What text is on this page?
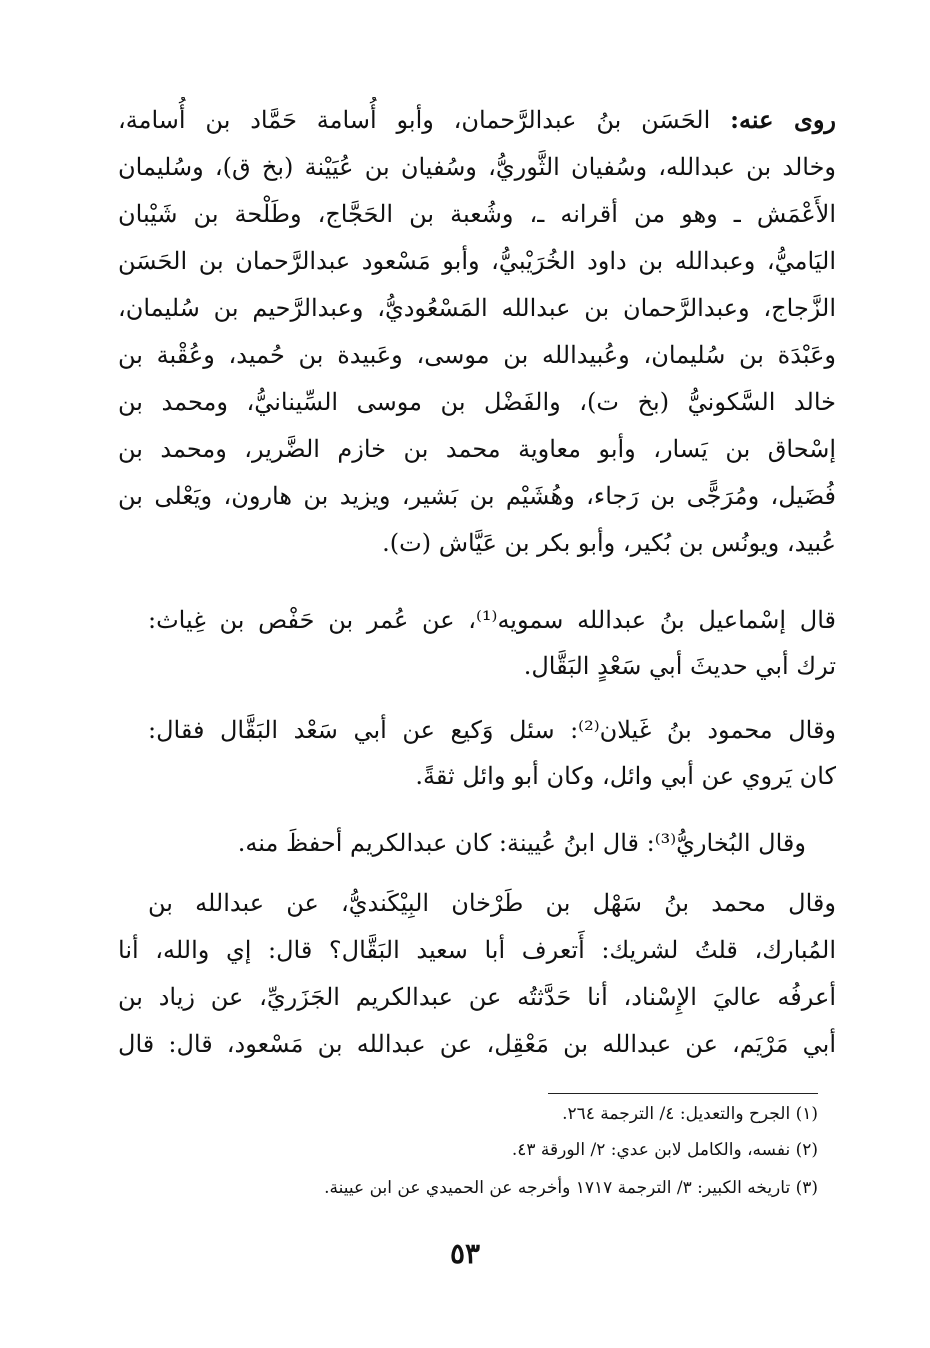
روى عنه: الحَسَن بنُ عبدالرَّحمان، وأبو أُسامة حَمَّاد بن أُسامة،
وخالد بن عبدالله، وسُفيان الثَّوريُّ، وسُفيان بن عُيَيْنة (بخ ق)، وسُليمان
الأَعْمَش ـ وهو من أقرانه ـ، وشُعبة بن الحَجَّاج، وطَلْحة بن شَيْبان
اليَاميُّ، وعبدالله بن داود الخُرَيْبيُّ، وأبو مَسْعود عبدالرَّحمان بن الحَسَن
الزَّجاج، وعبدالرَّحمان بن عبدالله المَسْعُوديُّ، وعبدالرَّحيم بن سُليمان،
وعَبْدَة بن سُليمان، وعُبيدالله بن موسى، وعَبيدة بن حُميد، وعُقْبة بن
خالد السَّكونيُّ (بخ ت)، والفَضْل بن موسى السِّينانيُّ، ومحمد بن
إسْحاق بن يَسار، وأبو معاوية محمد بن خازم الضَّرير، ومحمد بن
فُضَيل، ومُرَجًّى بن رَجاء، وهُشَيْم بن بَشير، ويزيد بن هارون، ويَعْلى بن
عُبيد، ويونُس بن بُكير، وأبو بكر بن عَيَّاش (ت).
قال إسْماعيل بنُ عبدالله سمويه⁽¹⁾، عن عُمر بن حَفْص بن غِياث:
ترك أبي حديثَ أبي سَعْدٍ البَقَّال.
وقال محمود بنُ غَيلان⁽²⁾: سئل وَكيع عن أبي سَعْد البَقَّال فقال:
كان يَروي عن أبي وائل، وكان أبو وائل ثقةً.
وقال البُخاريُّ⁽³⁾: قال ابنُ عُيينة: كان عبدالكريم أحفظَ منه.
وقال محمد بنُ سَهْل بن طَرْخان البِيْكَنديُّ، عن عبدالله بن
المُبارك، قلتُ لشريك: أَتعرف أبا سعيد البَقَّال؟ قال: إي والله، أنا
أعرفُه عاليَ الإِسْناد، أنا حَدَّثتُه عن عبدالكريم الجَزَريِّ، عن زياد بن
أبي مَرْيَم، عن عبدالله بن مَعْقِل، عن عبدالله بن مَسْعود، قال: قال
(١) الجرح والتعديل: ٤/ الترجمة ٢٦٤.
(٢) نفسه، والكامل لابن عدي: ٢/ الورقة ٤٣.
(٣) تاريخه الكبير: ٣/ الترجمة ١٧١٧ وأخرجه عن الحميدي عن ابن عيينة.
٥٣
